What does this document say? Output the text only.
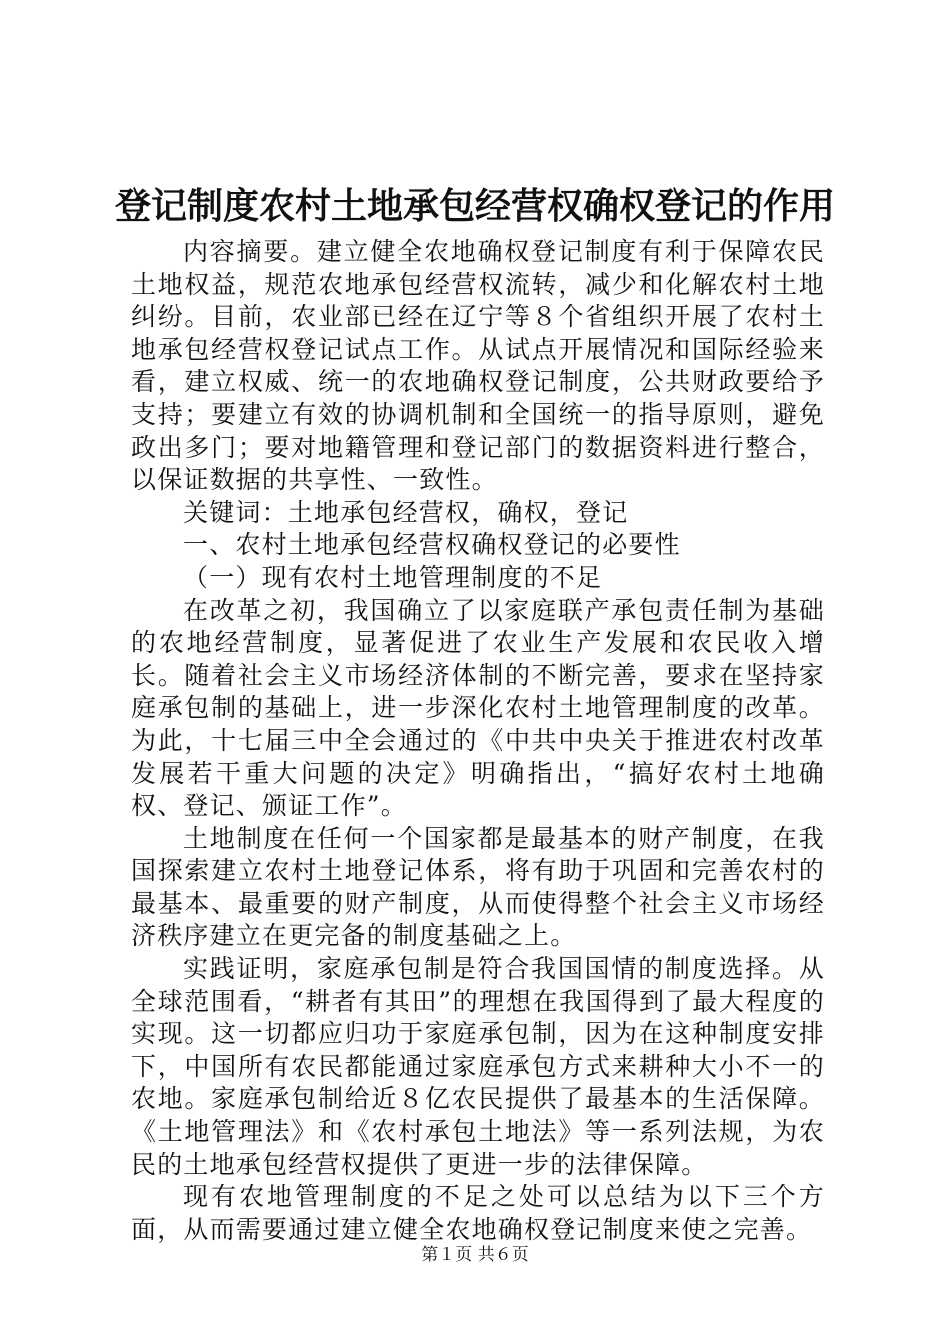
登记制度农村土地承包经营权确权登记的作用

内容摘要。建立健全农地确权登记制度有利于保障农民土地权益，规范农地承包经营权流转，减少和化解农村土地纠纷。目前，农业部已经在辽宁等８个省组织开展了农村土地承包经营权登记试点工作。从试点开展情况和国际经验来看，建立权威、统一的农地确权登记制度，公共财政要给予支持；要建立有效的协调机制和全国统一的指导原则，避免政出多门；要对地籍管理和登记部门的数据资料进行整合，以保证数据的共享性、一致性。

关键词：土地承包经营权，确权，登记

一、农村土地承包经营权确权登记的必要性

（一）现有农村土地管理制度的不足

在改革之初，我国确立了以家庭联产承包责任制为基础的农地经营制度，显著促进了农业生产发展和农民收入增长。随着社会主义市场经济体制的不断完善，要求在坚持家庭承包制的基础上，进一步深化农村土地管理制度的改革。为此，十七届三中全会通过的《中共中央关于推进农村改革发展若干重大问题的决定》明确指出，“搞好农村土地确权、登记、颁证工作”。

土地制度在任何一个国家都是最基本的财产制度，在我国探索建立农村土地登记体系，将有助于巩固和完善农村的最基本、最重要的财产制度，从而使得整个社会主义市场经济秩序建立在更完备的制度基础之上。

实践证明，家庭承包制是符合我国国情的制度选择。从全球范围看，“耕者有其田”的理想在我国得到了最大程度的实现。这一切都应归功于家庭承包制，因为在这种制度安排下，中国所有农民都能通过家庭承包方式来耕种大小不一的农地。家庭承包制给近８亿农民提供了最基本的生活保障。《土地管理法》和《农村承包土地法》等一系列法规，为农民的土地承包经营权提供了更进一步的法律保障。

现有农地管理制度的不足之处可以总结为以下三个方面，从而需要通过建立健全农地确权登记制度来使之完善。

第１页 共６页
